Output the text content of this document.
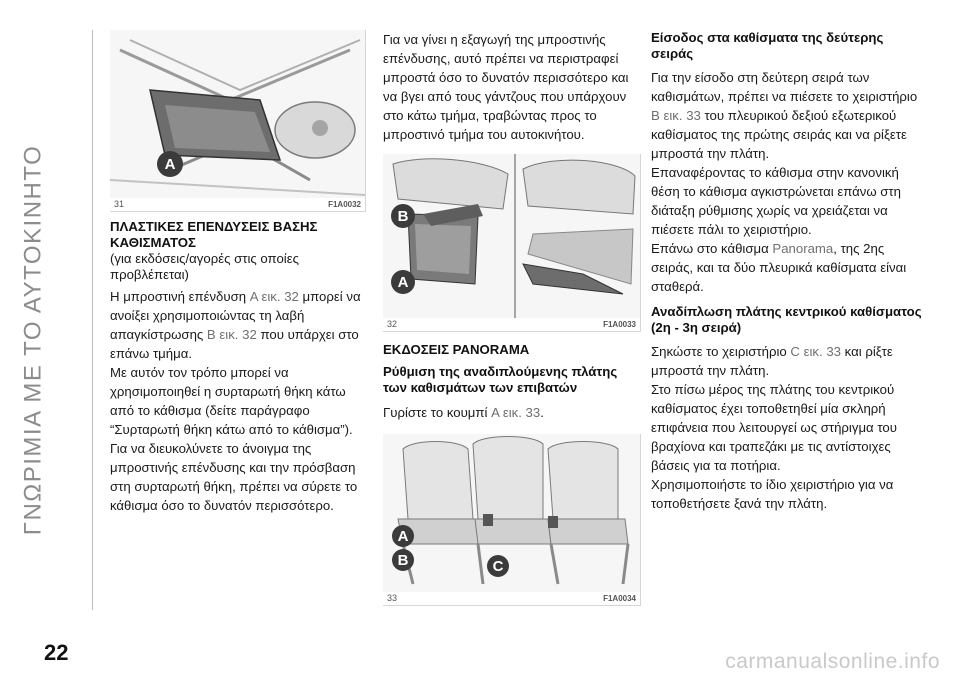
ΓΝΩΡΙΜΙΑ ΜΕ ΤΟ ΑΥΤΟΚΙΝΗΤΟ
22	carmanualsonline.info
A
31	F1A0032
ΠΛΑΣΤΙΚΕΣ ΕΠΕΝΔΥΣΕΙΣ ΒΑΣΗΣ ΚΑΘΙΣΜΑΤΟΣ

(για εκδόσεις/αγορές στις οποίες προβλέπεται)

Η μπροστινή επένδυση A εικ. 32 μπορεί να ανοίξει χρησιμοποιώντας τη λαβή απαγκίστρωσης B εικ. 32 που υπάρχει στο επάνω τμήμα.

Με αυτόν τον τρόπο μπορεί να χρησιμοποιηθεί η συρταρωτή θήκη κάτω από το κάθισμα (δείτε παράγραφο “Συρταρωτή θήκη κάτω από το κάθισμα”).

Για να διευκολύνετε το άνοιγμα της μπροστινής επένδυσης και την πρόσβαση στη συρταρωτή θήκη, πρέπει να σύρετε το κάθισμα όσο το δυνατόν περισσότερο.

Για να γίνει η εξαγωγή της μπροστινής επένδυσης, αυτό πρέπει να περιστραφεί μπροστά όσο το δυνατόν περισσότερο και να βγει από τους γάντζους που υπάρχουν στο κάτω τμήμα, τραβώντας προς το μπροστινό τμήμα του αυτοκινήτου.

B
A
32	F1A0033
ΕΚΔΟΣΕΙΣ PANORAMA
Ρύθμιση της αναδιπλούμενης πλάτης των καθισμάτων των επιβατών

Γυρίστε το κουμπί A εικ. 33.

A
B	C
33	F1A0034
Είσοδος στα καθίσματα της δεύτερης σειράς

Για την είσοδο στη δεύτερη σειρά των καθισμάτων, πρέπει να πιέσετε το χειριστήριο B εικ. 33 του πλευρικού δεξιού εξωτερικού καθίσματος της πρώτης σειράς και να ρίξετε μπροστά την πλάτη.

Επαναφέροντας το κάθισμα στην κανονική θέση το κάθισμα αγκιστρώνεται επάνω στη διάταξη ρύθμισης χωρίς να χρειάζεται να πιέσετε πάλι το χειριστήριο.

Επάνω στο κάθισμα Panorama, της 2ης σειράς, και τα δύο πλευρικά καθίσματα είναι σταθερά.

Αναδίπλωση πλάτης κεντρικού καθίσματος (2η - 3η σειρά)

Σηκώστε το χειριστήριο C εικ. 33 και ρίξτε μπροστά την πλάτη.

Στο πίσω μέρος της πλάτης του κεντρικού καθίσματος έχει τοποθετηθεί μία σκληρή επιφάνεια που λειτουργεί ως στήριγμα του βραχίονα και τραπεζάκι με τις αντίστοιχες βάσεις για τα ποτήρια.

Χρησιμοποιήστε το ίδιο χειριστήριο για να τοποθετήσετε ξανά την πλάτη.
